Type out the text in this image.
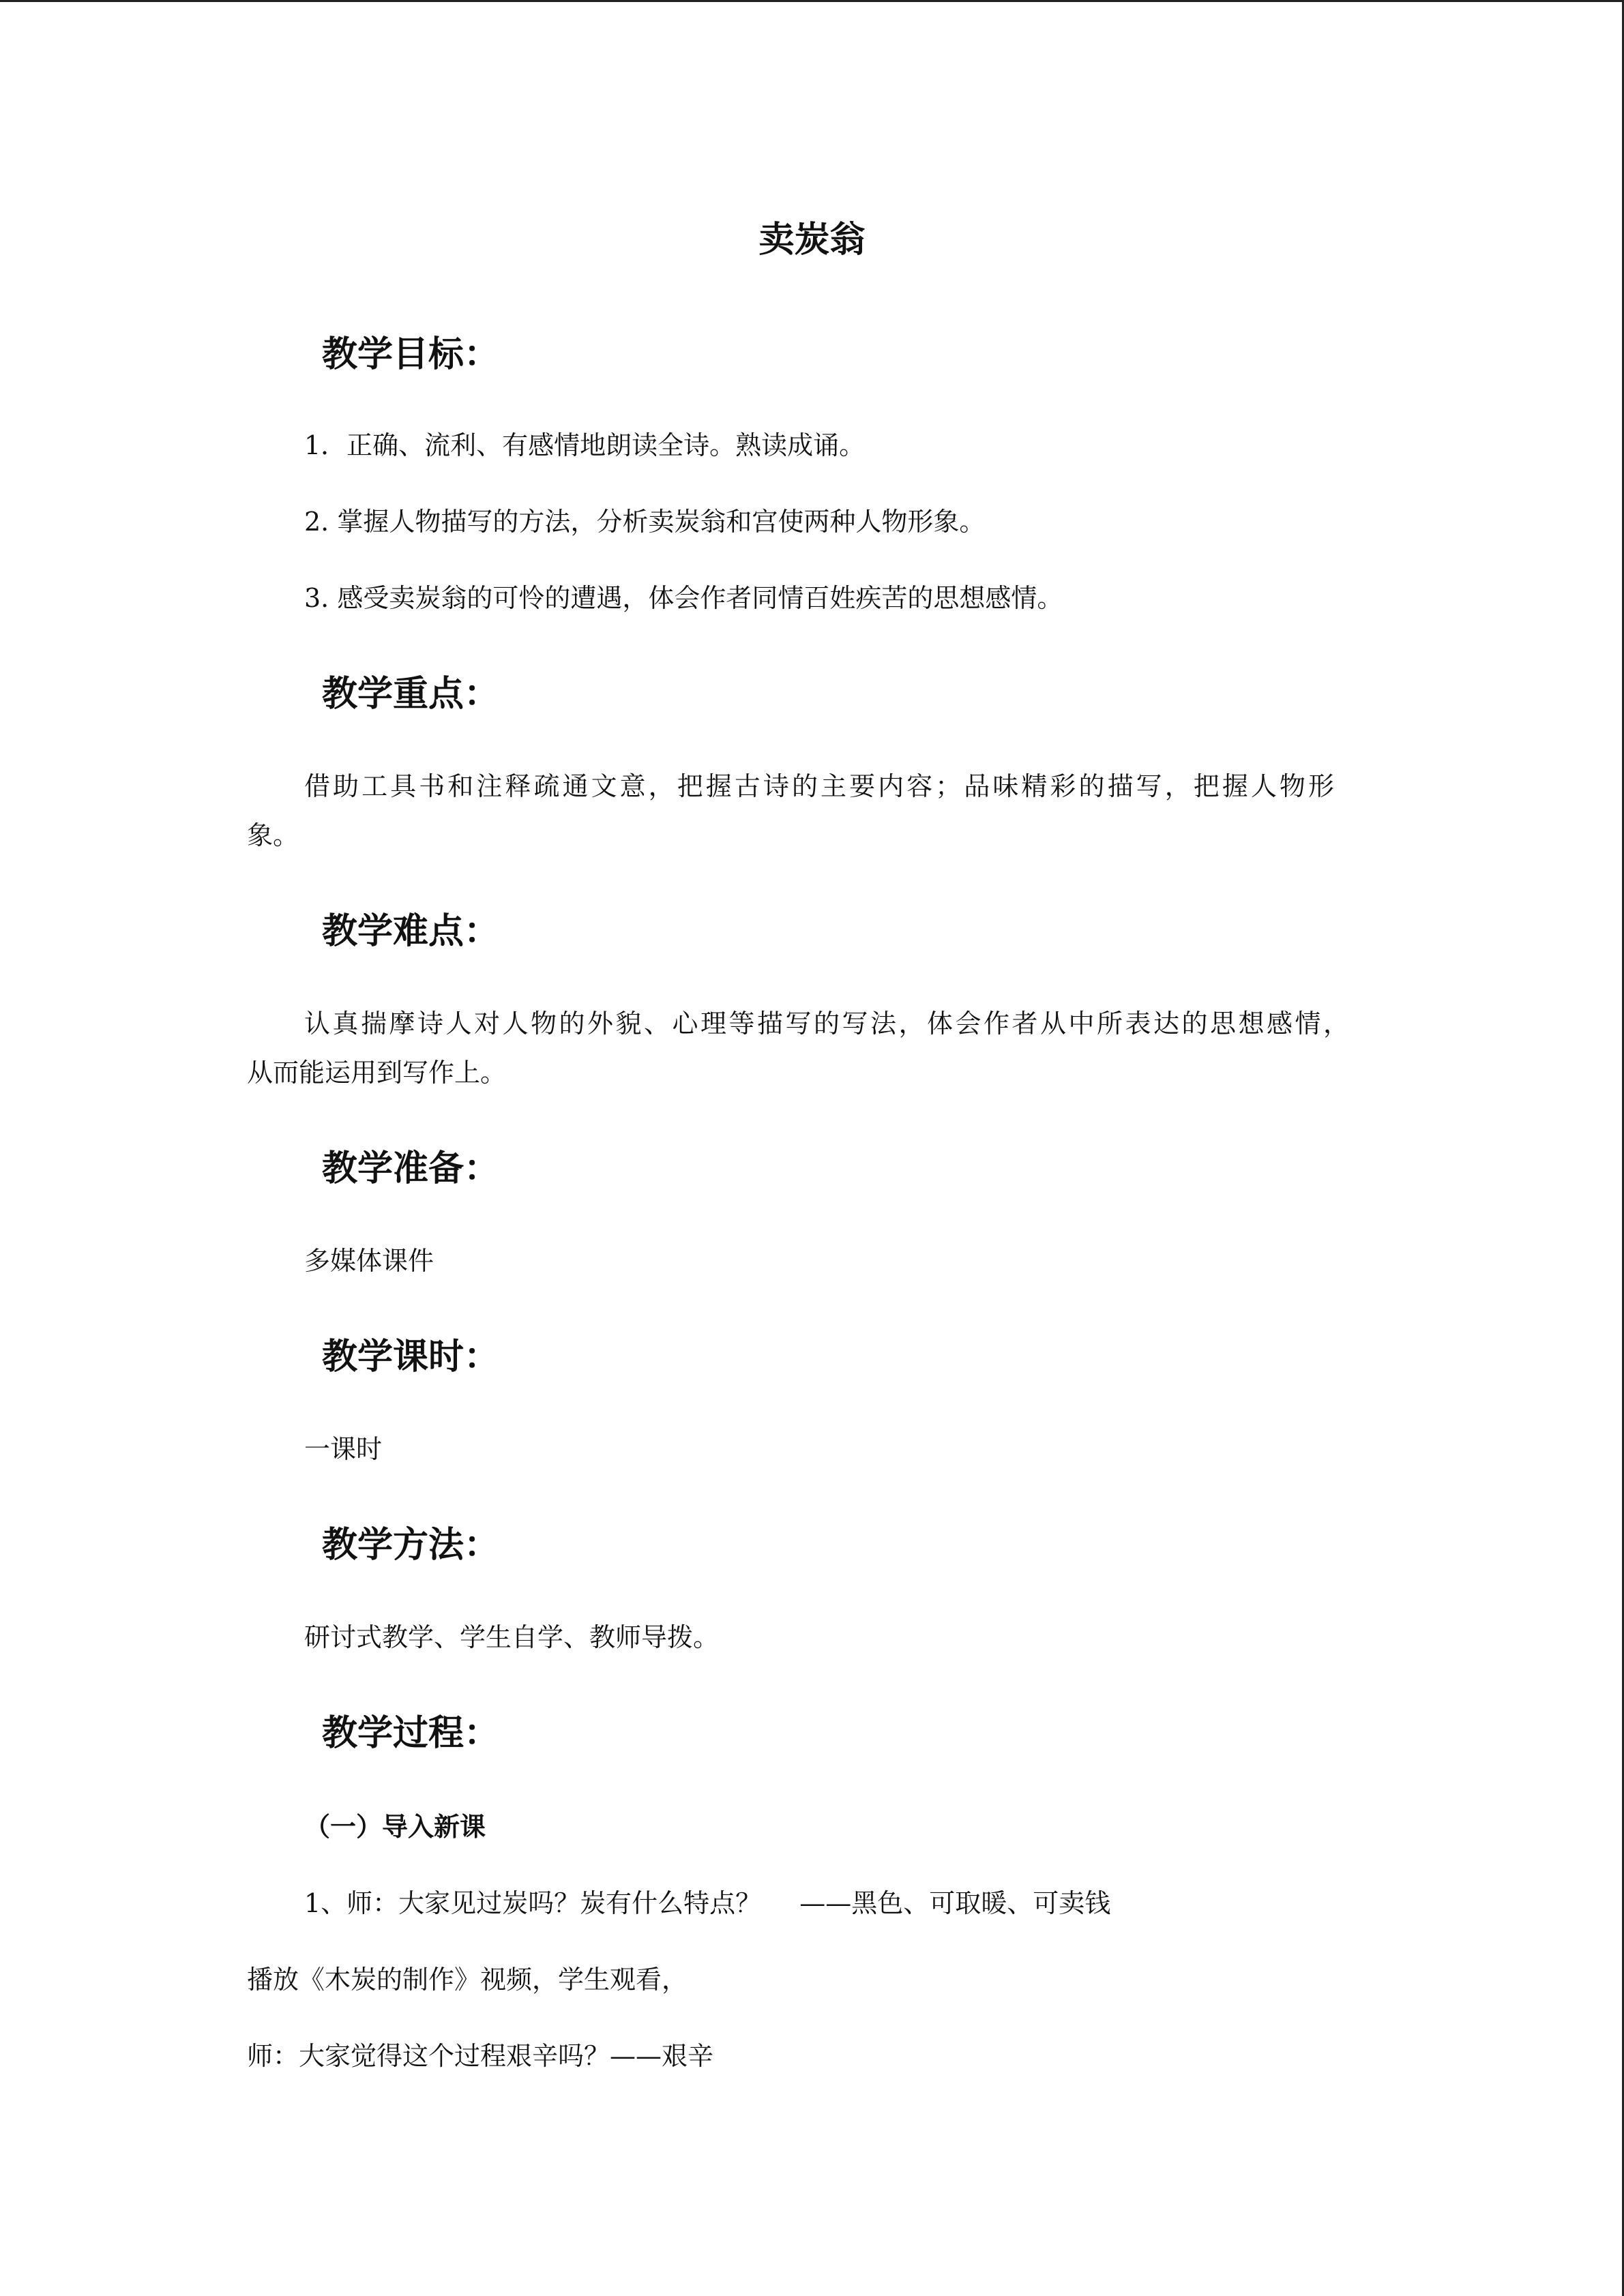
卖炭翁
教学目标：
1．正确、流利、有感情地朗读全诗。熟读成诵。
2. 掌握人物描写的方法，分析卖炭翁和宫使两种人物形象。
3. 感受卖炭翁的可怜的遭遇，体会作者同情百姓疾苦的思想感情。
教学重点：
借助工具书和注释疏通文意，把握古诗的主要内容；品味精彩的描写，把握人物形
象。
教学难点：
认真揣摩诗人对人物的外貌、心理等描写的写法，体会作者从中所表达的思想感情，
从而能运用到写作上。
教学准备：
多媒体课件
教学课时：
一课时
教学方法：
研讨式教学、学生自学、教师导拨。
教学过程：
（一）导入新课
1、师：大家见过炭吗？炭有什么特点？ ——黑色、可取暖、可卖钱
播放《木炭的制作》视频，学生观看，
师：大家觉得这个过程艰辛吗？——艰辛
